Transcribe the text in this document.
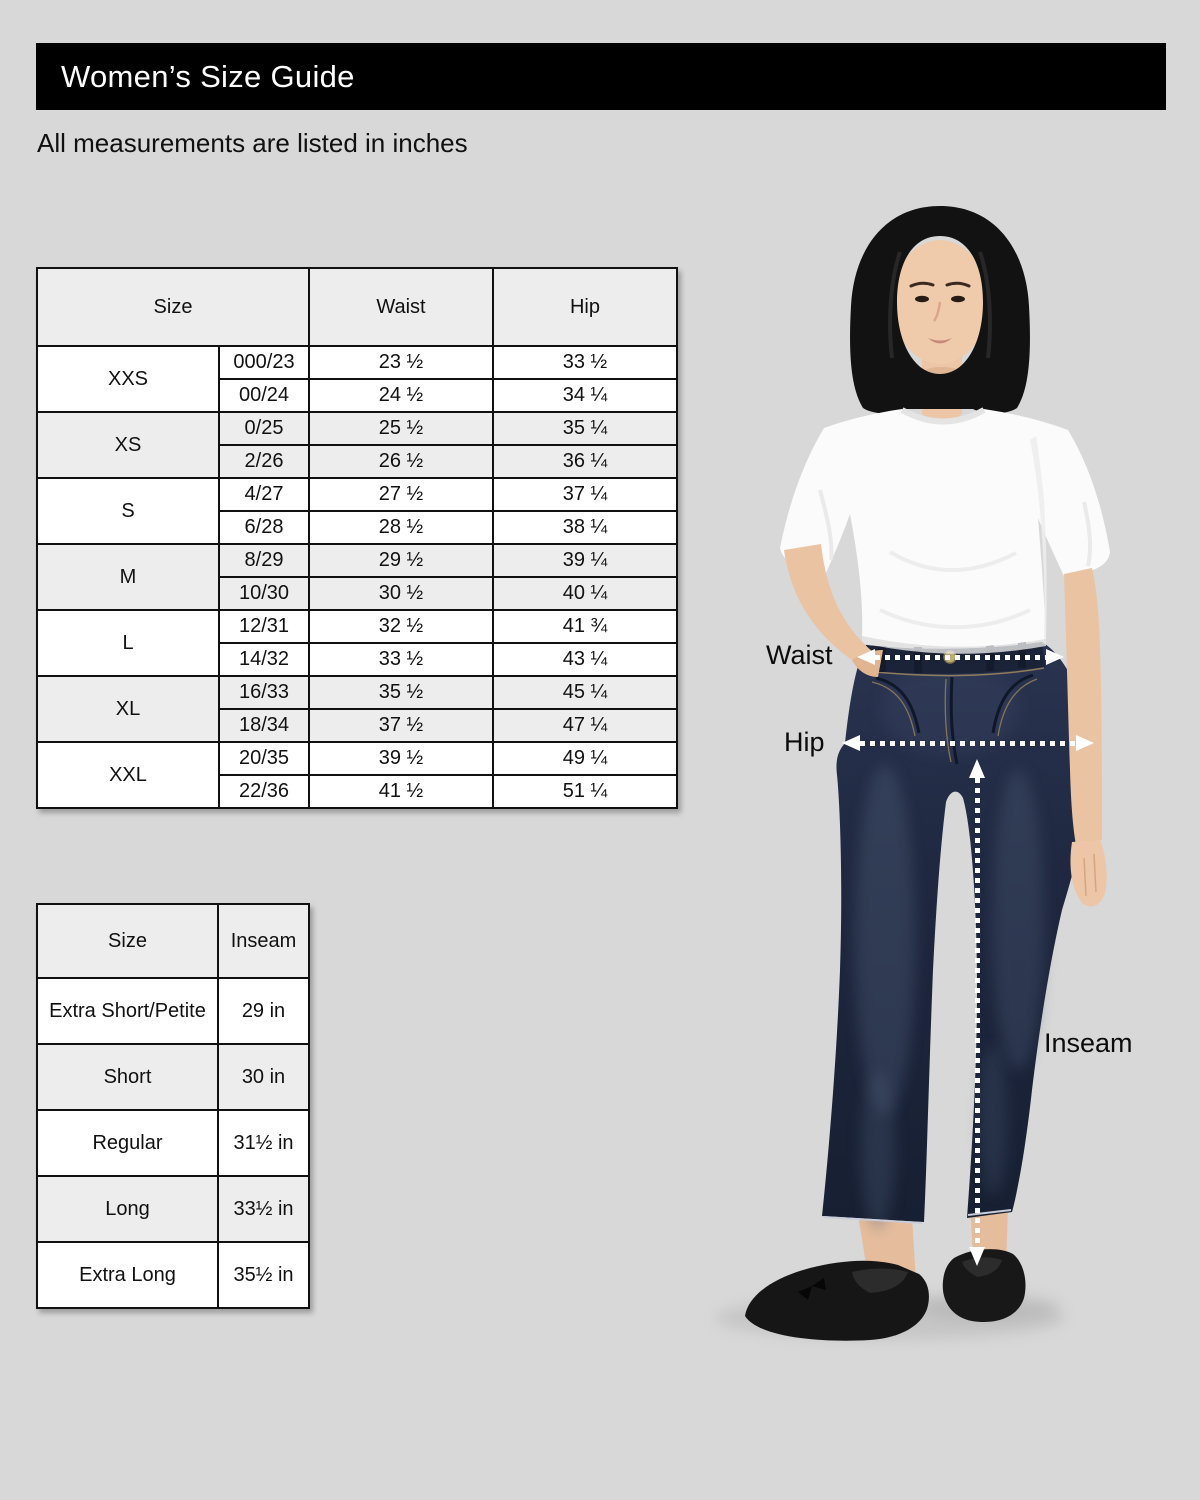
Women’s Size Guide
All measurements are listed in inches
Size		Waist	Hip
XXS	000/23	23 ½	33 ½
	00/24	24 ½	34 ¼
XS	0/25	25 ½	35 ¼
	2/26	26 ½	36 ¼
S	4/27	27 ½	37 ¼
	6/28	28 ½	38 ¼
M	8/29	29 ½	39 ¼
	10/30	30 ½	40 ¼
L	12/31	32 ½	41 ¾
	14/32	33 ½	43 ¼
XL	16/33	35 ½	45 ¼
	18/34	37 ½	47 ¼
XXL	20/35	39 ½	49 ¼
	22/36	41 ½	51 ¼
Size	Inseam
Extra Short/Petite	29 in
Short	30 in
Regular	31½ in
Long	33½ in
Extra Long	35½ in
Waist
Hip
Inseam
